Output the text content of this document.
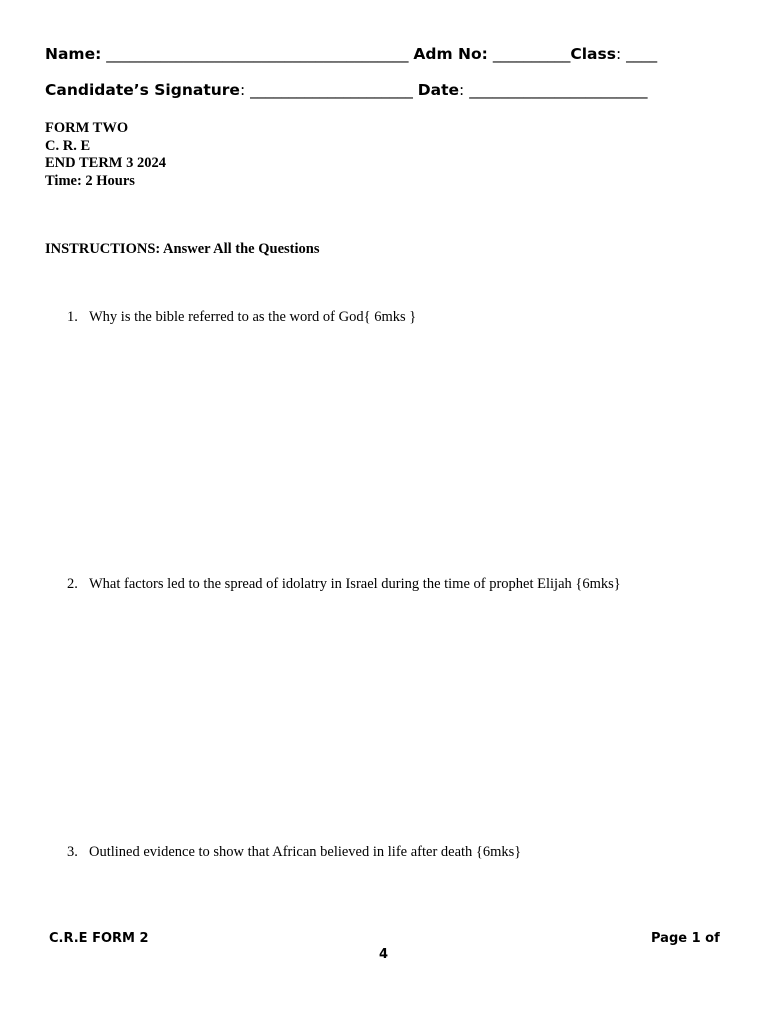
Name: _______________________________________ Adm No: __________Class: ____
Candidate’s Signature: _____________________ Date: _______________________
FORM TWO
C. R. E
END TERM 3 2024
Time: 2 Hours
INSTRUCTIONS: Answer All the Questions
1. Why is the bible referred to as the word of God{ 6mks }
2. What factors led to the spread of idolatry in Israel during the time of prophet Elijah {6mks}
3. Outlined evidence to show that African believed in life after death {6mks}
C.R.E FORM 2	Page 1 of
4
